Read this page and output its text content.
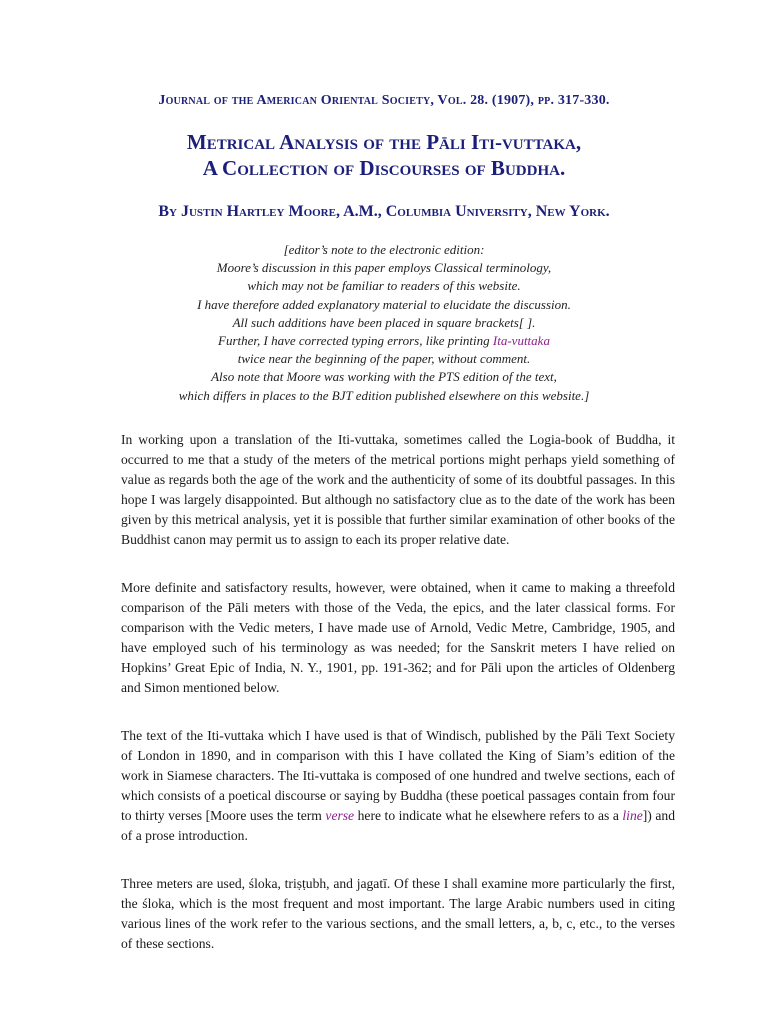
Journal of the American Oriental Society, Vol. 28. (1907), pp. 317-330.
Metrical Analysis of the Pāli Iti-vuttaka,
A Collection of Discourses of Buddha.
By Justin Hartley Moore, A.M., Columbia University, New York.
[editor’s note to the electronic edition:
Moore’s discussion in this paper employs Classical terminology,
which may not be familiar to readers of this website.
I have therefore added explanatory material to elucidate the discussion.
All such additions have been placed in square brackets[ ].
Further, I have corrected typing errors, like printing Ita-vuttaka
twice near the beginning of the paper, without comment.
Also note that Moore was working with the PTS edition of the text,
which differs in places to the BJT edition published elsewhere on this website.]
In working upon a translation of the Iti-vuttaka, sometimes called the Logia-book of Buddha, it occurred to me that a study of the meters of the metrical portions might perhaps yield something of value as regards both the age of the work and the authenticity of some of its doubtful passages. In this hope I was largely disappointed. But although no satisfactory clue as to the date of the work has been given by this metrical analysis, yet it is possible that further similar examination of other books of the Buddhist canon may permit us to assign to each its proper relative date.
More definite and satisfactory results, however, were obtained, when it came to making a threefold comparison of the Pāli meters with those of the Veda, the epics, and the later classical forms. For comparison with the Vedic meters, I have made use of Arnold, Vedic Metre, Cambridge, 1905, and have employed such of his terminology as was needed; for the Sanskrit meters I have relied on Hopkins’ Great Epic of India, N. Y., 1901, pp. 191-362; and for Pāli upon the articles of Oldenberg and Simon mentioned below.
The text of the Iti-vuttaka which I have used is that of Windisch, published by the Pāli Text Society of London in 1890, and in comparison with this I have collated the King of Siam’s edition of the work in Siamese characters. The Iti-vuttaka is composed of one hundred and twelve sections, each of which consists of a poetical discourse or saying by Buddha (these poetical passages contain from four to thirty verses [Moore uses the term verse here to indicate what he elsewhere refers to as a line]) and of a prose introduction.
Three meters are used, śloka, triṣṭubh, and jagatī. Of these I shall examine more particularly the first, the śloka, which is the most frequent and most important. The large Arabic numbers used in citing various lines of the work refer to the various sections, and the small letters, a, b, c, etc., to the verses of these sections.
